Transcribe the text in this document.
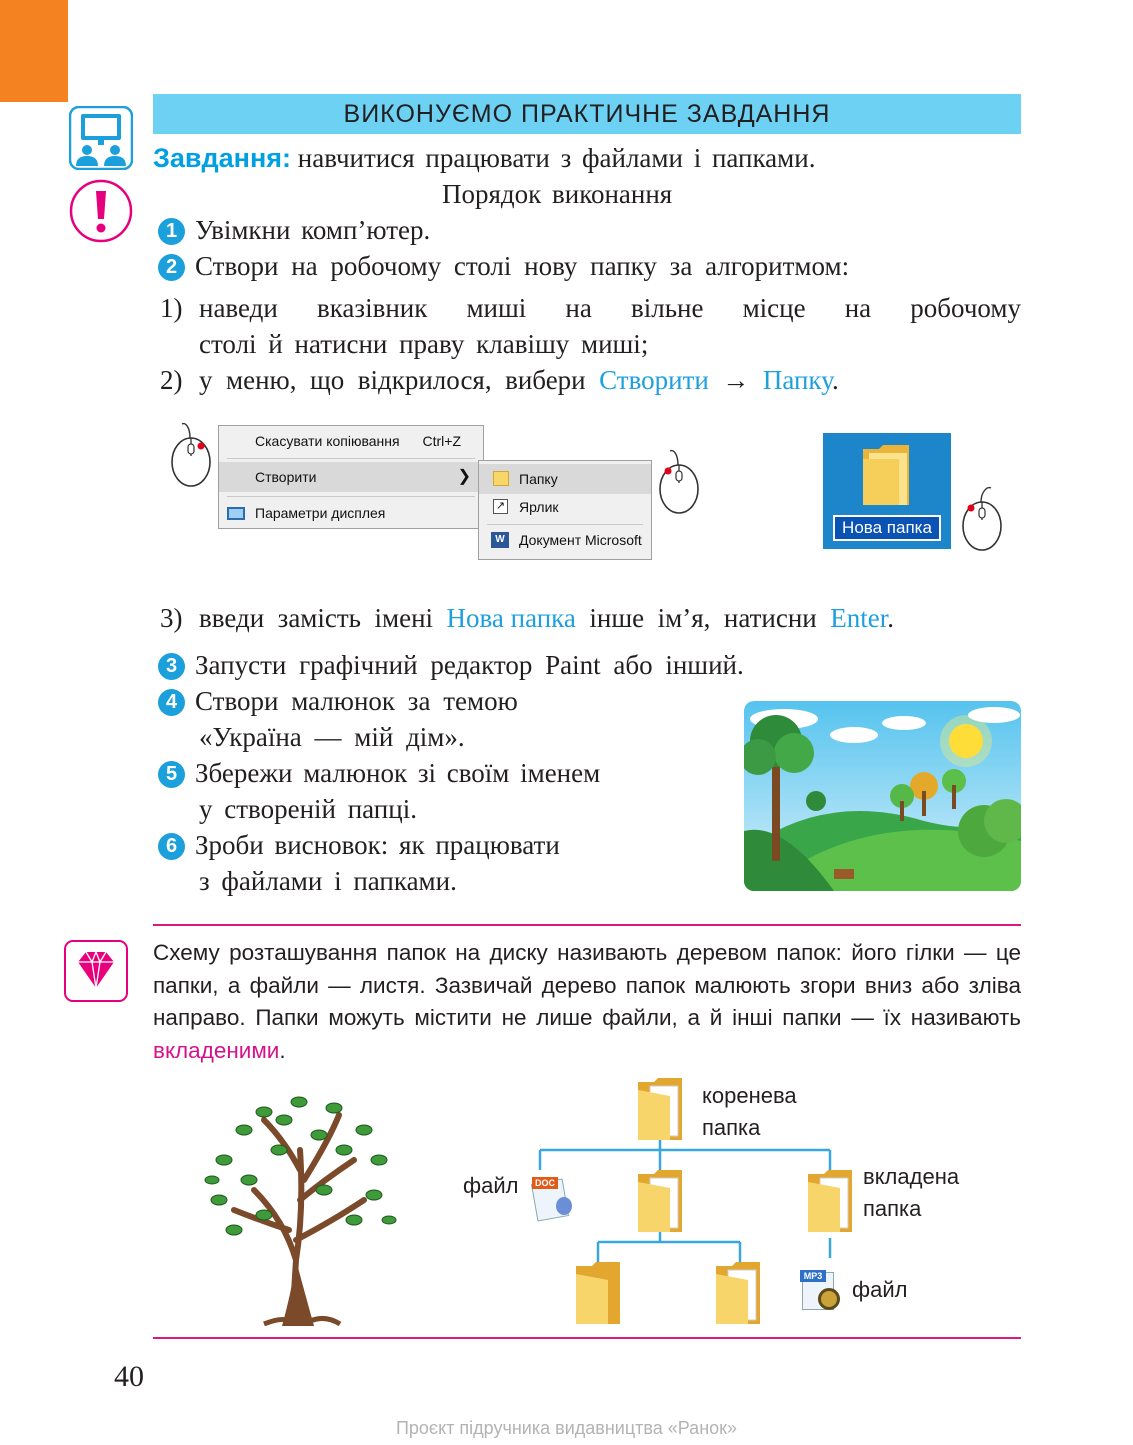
ВИКОНУЄМО ПРАКТИЧНЕ ЗАВДАННЯ
Завдання: навчитися працювати з файлами і папками.
Порядок виконання
1 Увімкни комп’ютер.
2 Створи на робочому столі нову папку за алгоритмом:
1) наведи вказівник миші на вільне місце на робочому
столі й натисни праву клавішу миші;
2) у меню, що відкрилося, вибери Створити → Папку.
Скасувати копіювання Ctrl+Z
Створити	❯
Параметри дисплея
Папку
↗ Ярлик
W	Документ Microsoft
Нова папка
3) введи замість імені Нова папка інше ім’я, натисни Enter.
3 Запусти графічний редактор Paint або інший.
4 Створи малюнок за темою
«Україна — мій дім».
5 Збережи малюнок зі своїм іменем
у створеній папці.
6 Зроби висновок: як працювати
з файлами і папками.
Схему розташування папок на диску називають деревом папок: його гілки — це папки, а файли — листя. Зазвичай дерево папок малюють згори вниз або зліва направо. Папки можуть містити не лише файли, а й інші папки — їх називають вкладеними.
коренева
папка
файл	DOC	вкладена
папка
MP3
файл
40
Проєкт підручника видавництва «Ранок»
